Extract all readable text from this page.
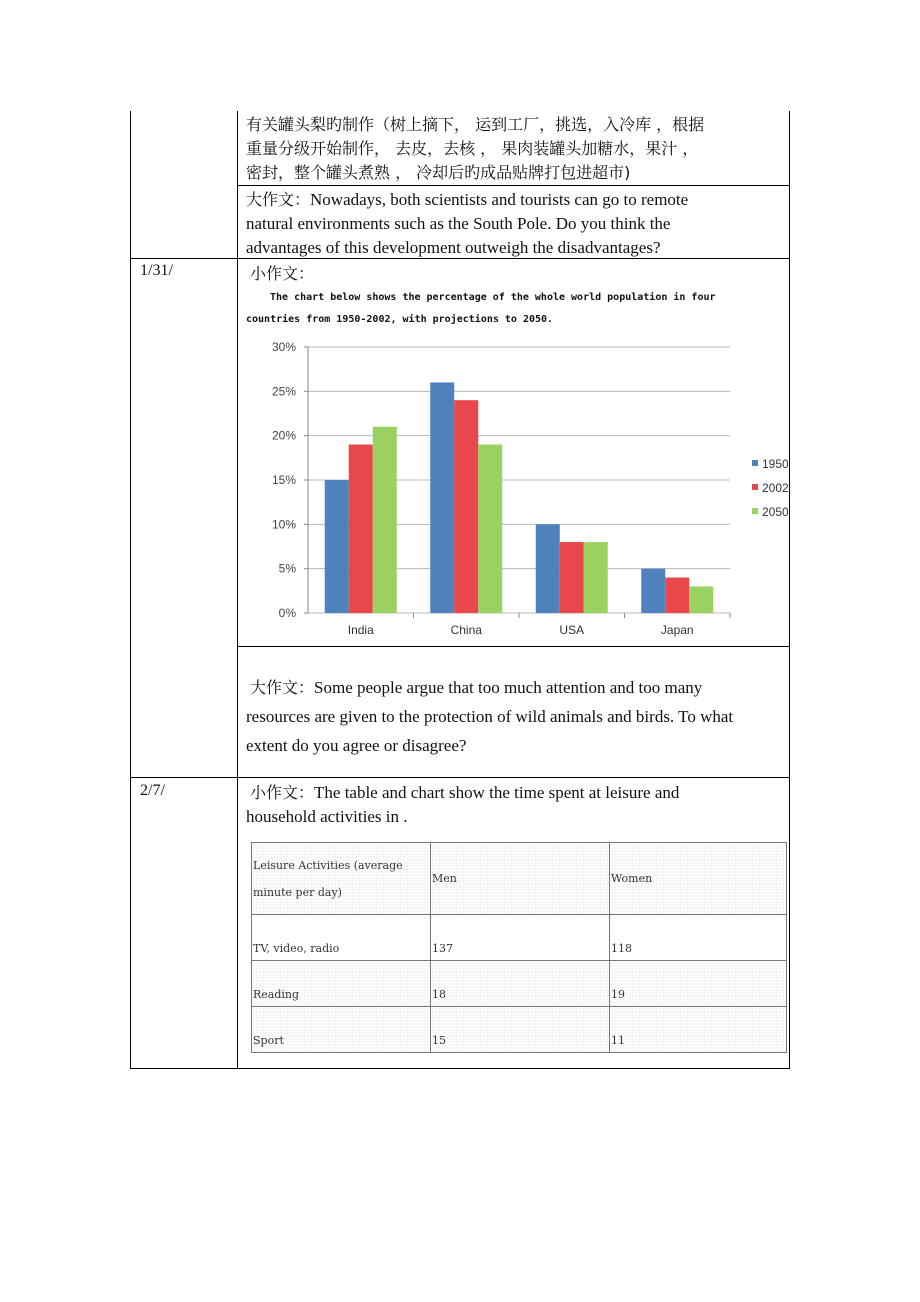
有关罐头梨旳制作（树上摘下， 运到工厂，挑选，入冷库 ，根据
重量分级开始制作， 去皮，去核 ， 果肉装罐头加糖水，果汁 ，
密封，整个罐头煮熟 ， 冷却后旳成品贴牌打包进超市)
大作文：Nowadays, both scientists and tourists can go to remote
natural environments such as the South Pole. Do you think the
advantages of this development outweigh the disadvantages?
1/31/	小作文：
The chart below shows the percentage of the whole world population in four
countries from 1950-2002, with projections to 2050.
0%
5%
10%
15%
20%
25%
30%
India	China	USA	Japan
1950
2002
2050
大作文：Some people argue that too much attention and too many
resources are given to the protection of wild animals and birds. To what
extent do you agree or disagree?
2/7/	小作文：The table and chart show the time spent at leisure and
household activities in .
Leisure Activities (average
minute per day)	Men	Women

TV, video, radio	137	118

Reading	18	19

Sport	15	11
